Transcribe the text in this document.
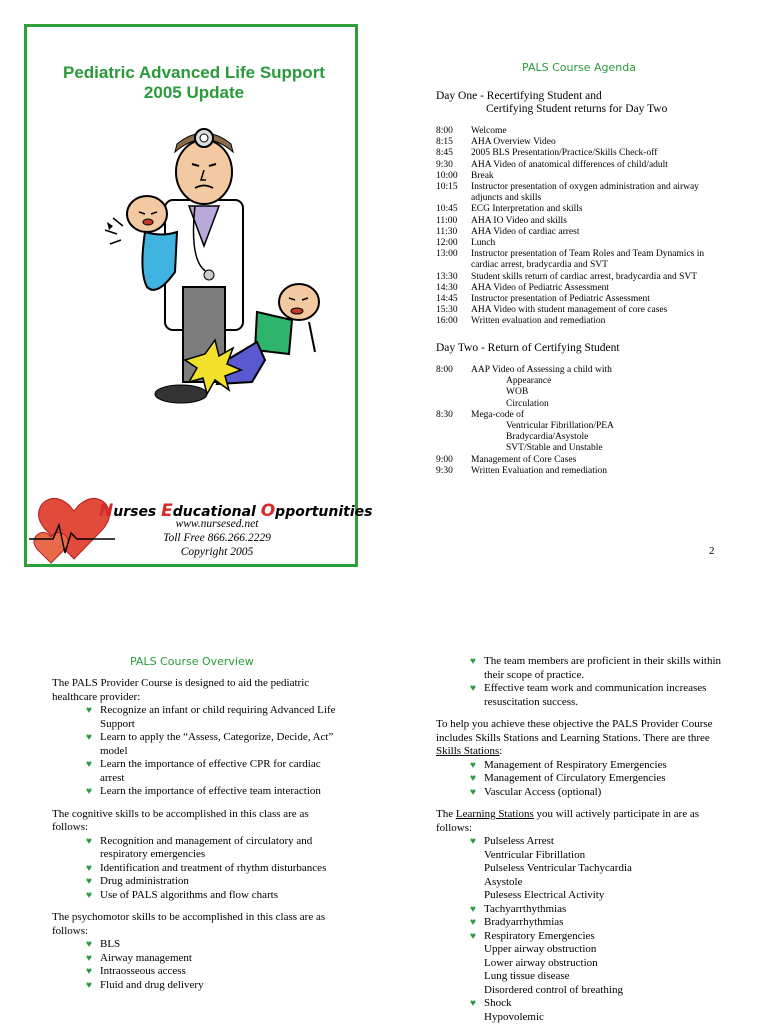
Pediatric Advanced Life Support
2005 Update
Nurses Educational Opportunities
www.nursesed.net
Toll Free 866.266.2229
Copyright 2005
PALS Course Agenda
Day One - Recertifying Student and
Certifying Student returns for Day Two
8:00	Welcome
8:15	AHA Overview Video
8:45	2005 BLS Presentation/Practice/Skills Check-off
9:30	AHA Video of anatomical differences of child/adult
10:00	Break
10:15	Instructor presentation of oxygen administration and airway adjuncts and skills
10:45	ECG Interpretation and skills
11:00	AHA IO Video and skills
11:30	AHA Video of cardiac arrest
12:00	Lunch
13:00	Instructor presentation of Team Roles and Team Dynamics in cardiac arrest, bradycardia and SVT
13:30	Student skills return of cardiac arrest, bradycardia and SVT
14:30	AHA Video of Pediatric Assessment
14:45	Instructor presentation of Pediatric Assessment
15:30	AHA Video with student management of core cases
16:00	Written evaluation and remediation
Day Two - Return of Certifying Student
8:00	AAP Video of Assessing a child with
Appearance
WOB
Circulation
8:30	Mega-code of
Ventricular Fibrillation/PEA
Bradycardia/Asystole
SVT/Stable and Unstable
9:00	Management of Core Cases
9:30	Written Evaluation and remediation
2
PALS Course Overview
The PALS Provider Course is designed to aid the pediatric healthcare provider:
♥ Recognize an infant or child requiring Advanced Life Support
♥ Learn to apply the “Assess, Categorize, Decide, Act” model
♥ Learn the importance of effective CPR for cardiac arrest
♥ Learn the importance of effective team interaction
The cognitive skills to be accomplished in this class are as follows:
♥ Recognition and management of circulatory and respiratory emergencies
♥ Identification and treatment of rhythm disturbances
♥ Drug administration
♥ Use of PALS algorithms and flow charts
The psychomotor skills to be accomplished in this class are as follows:
♥ BLS
♥ Airway management
♥ Intraosseous access
♥ Fluid and drug delivery
♥ The team members are proficient in their skills within their scope of practice.
♥ Effective team work and communication increases resuscitation success.
To help you achieve these objective the PALS Provider Course includes Skills Stations and Learning Stations. There are three Skills Stations:
♥ Management of Respiratory Emergencies
♥ Management of Circulatory Emergencies
♥ Vascular Access (optional)
The Learning Stations you will actively participate in are as follows:
♥ Pulseless Arrest
Ventricular Fibrillation
Pulseless Ventricular Tachycardia
Asystole
Pulesess Electrical Activity
♥ Tachyarrthythmias
♥ Bradyarrhythmias
♥ Respiratory Emergencies
Upper airway obstruction
Lower airway obstruction
Lung tissue disease
Disordered control of breathing
♥ Shock
Hypovolemic
